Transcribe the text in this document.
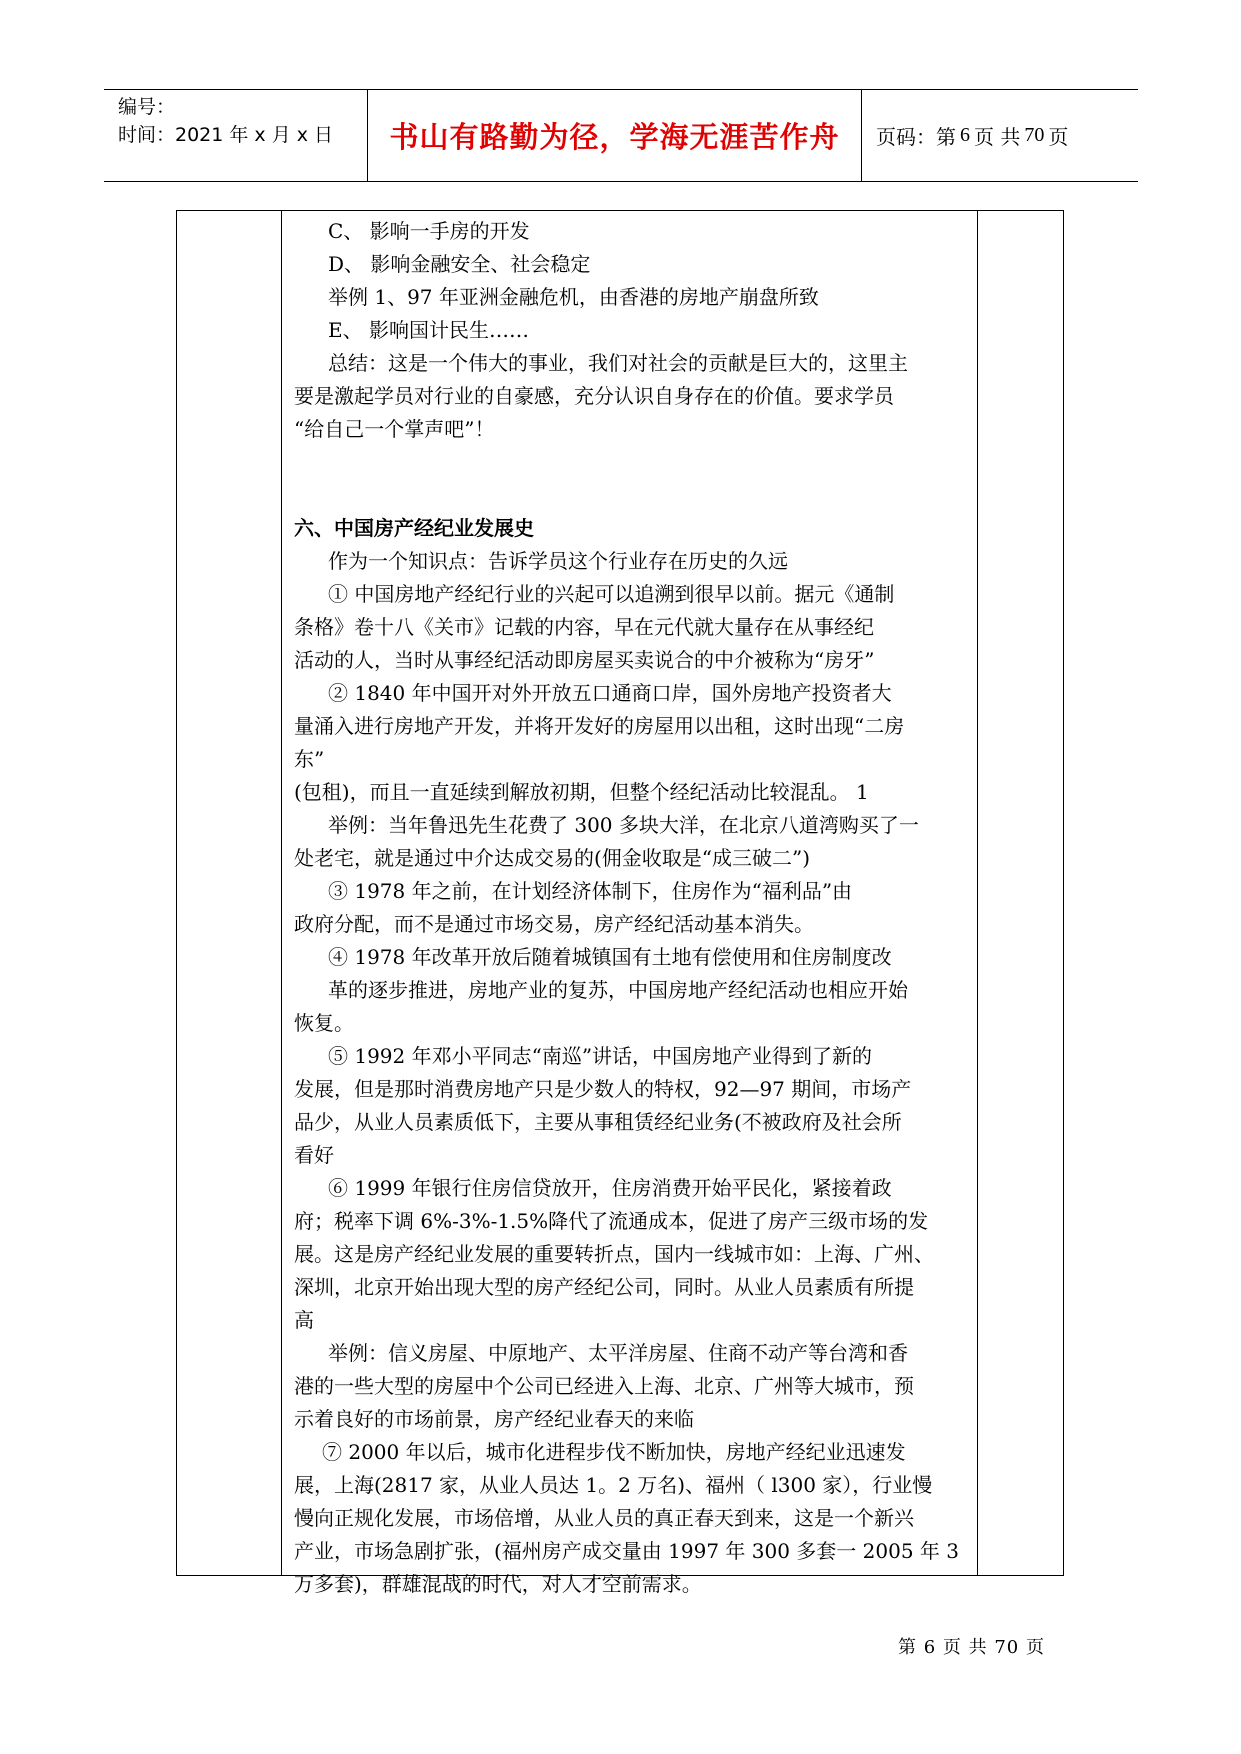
编号：
时间：2021 年 x 月 x 日	书山有路勤为径，学海无涯苦作舟 页码：第 6 页 共 70 页
C、 影响一手房的开发
D、 影响金融安全、社会稳定
举例 1、97 年亚洲金融危机，由香港的房地产崩盘所致
E、 影响国计民生……
总结：这是一个伟大的事业，我们对社会的贡献是巨大的，这里主
要是激起学员对行业的自豪感，充分认识自身存在的价值。要求学员
“给自己一个掌声吧”！
六、中国房产经纪业发展史
作为一个知识点：告诉学员这个行业存在历史的久远
① 中国房地产经纪行业的兴起可以追溯到很早以前。据元《通制
条格》卷十八《关市》记载的内容，早在元代就大量存在从事经纪
活动的人，当时从事经纪活动即房屋买卖说合的中介被称为“房牙”
② 1840 年中国开对外开放五口通商口岸，国外房地产投资者大
量涌入进行房地产开发，并将开发好的房屋用以出租，这时出现“二房
东”
(包租)，而且一直延续到解放初期，但整个经纪活动比较混乱。 1
举例：当年鲁迅先生花费了 300 多块大洋，在北京八道湾购买了一
处老宅，就是通过中介达成交易的(佣金收取是“成三破二”)
③ 1978 年之前，在计划经济体制下，住房作为“福利品”由
政府分配，而不是通过市场交易，房产经纪活动基本消失。
④ 1978 年改革开放后随着城镇国有土地有偿使用和住房制度改
革的逐步推进，房地产业的复苏，中国房地产经纪活动也相应开始
恢复。
⑤ 1992 年邓小平同志“南巡”讲话，中国房地产业得到了新的
发展，但是那时消费房地产只是少数人的特权，92—97 期间，市场产
品少，从业人员素质低下，主要从事租赁经纪业务(不被政府及社会所
看好
⑥ 1999 年银行住房信贷放开，住房消费开始平民化，紧接着政
府；税率下调 6%-3%-1.5%降代了流通成本，促进了房产三级市场的发
展。这是房产经纪业发展的重要转折点，国内一线城市如：上海、广州、
深圳，北京开始出现大型的房产经纪公司，同时。从业人员素质有所提
高
举例：信义房屋、中原地产、太平洋房屋、住商不动产等台湾和香
港的一些大型的房屋中个公司已经进入上海、北京、广州等大城市，预
示着良好的市场前景，房产经纪业春天的来临
⑦ 2000 年以后，城市化进程步伐不断加快，房地产经纪业迅速发
展，上海(2817 家，从业人员达 1。2 万名)、福州（ l300 家），行业慢
慢向正规化发展，市场倍增，从业人员的真正春天到来，这是一个新兴
产业，市场急剧扩张，(福州房产成交量由 1997 年 300 多套一 2005 年 3
万多套)，群雄混战的时代，对人才空前需求。
第 6 页 共 70 页
